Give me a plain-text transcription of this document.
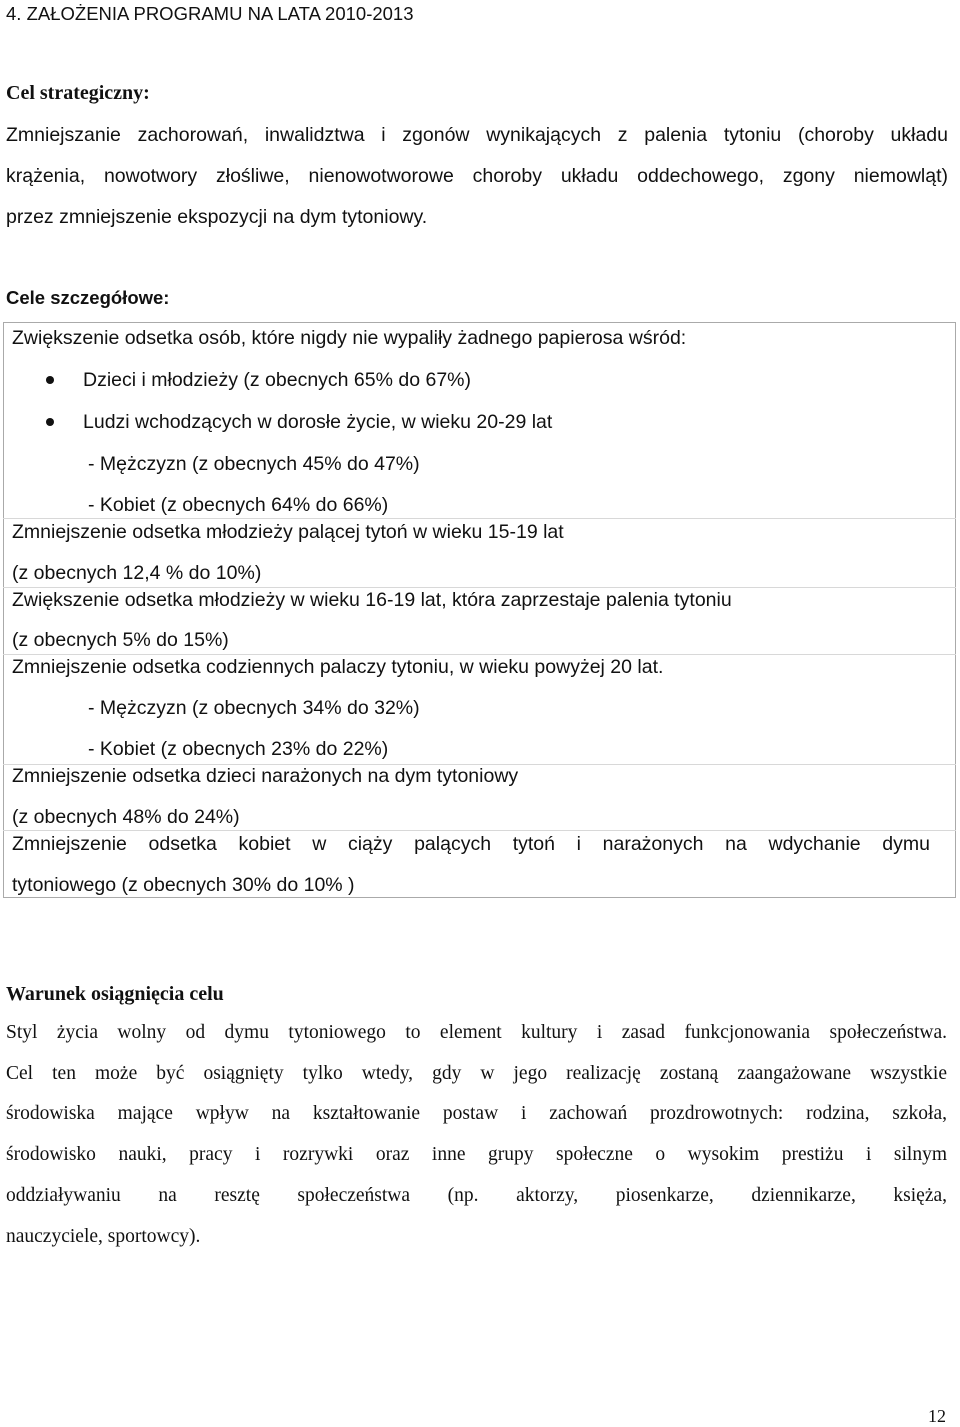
4. ZAŁOŻENIA PROGRAMU NA LATA 2010-2013
Cel strategiczny:
Zmniejszanie zachorowań, inwalidztwa i zgonów wynikających z palenia tytoniu (choroby układu
krążenia, nowotwory złośliwe, nienowotworowe choroby układu oddechowego, zgony niemowląt)
przez zmniejszenie ekspozycji na dym tytoniowy.
Cele szczegółowe:
Zwiększenie odsetka osób, które nigdy nie wypaliły żadnego papierosa wśród:
Dzieci i młodzieży (z obecnych 65% do 67%)
Ludzi wchodzących w dorosłe życie, w wieku 20-29 lat
- Mężczyzn (z obecnych 45% do 47%)
- Kobiet (z obecnych 64% do 66%)
Zmniejszenie odsetka młodzieży palącej tytoń w wieku 15-19 lat
(z obecnych 12,4 % do 10%)
Zwiększenie odsetka młodzieży w wieku 16-19 lat, która zaprzestaje palenia tytoniu
(z obecnych 5% do 15%)
Zmniejszenie odsetka codziennych palaczy tytoniu, w wieku powyżej 20 lat.
- Mężczyzn (z obecnych 34% do 32%)
- Kobiet (z obecnych 23% do 22%)
Zmniejszenie odsetka dzieci narażonych na dym tytoniowy
(z obecnych 48% do 24%)
Zmniejszenie odsetka kobiet w ciąży palących tytoń i narażonych na wdychanie dymu
tytoniowego (z obecnych 30% do 10% )
Warunek osiągnięcia celu
Styl życia wolny od dymu tytoniowego to element kultury i zasad funkcjonowania społeczeństwa.
Cel ten może być osiągnięty tylko wtedy, gdy w jego realizację zostaną zaangażowane wszystkie
środowiska mające wpływ na kształtowanie postaw i zachowań prozdrowotnych: rodzina, szkoła,
środowisko nauki, pracy i rozrywki oraz inne grupy społeczne o wysokim prestiżu i silnym
oddziaływaniu na resztę społeczeństwa (np. aktorzy, piosenkarze, dziennikarze, księża,
nauczyciele, sportowcy).
12
